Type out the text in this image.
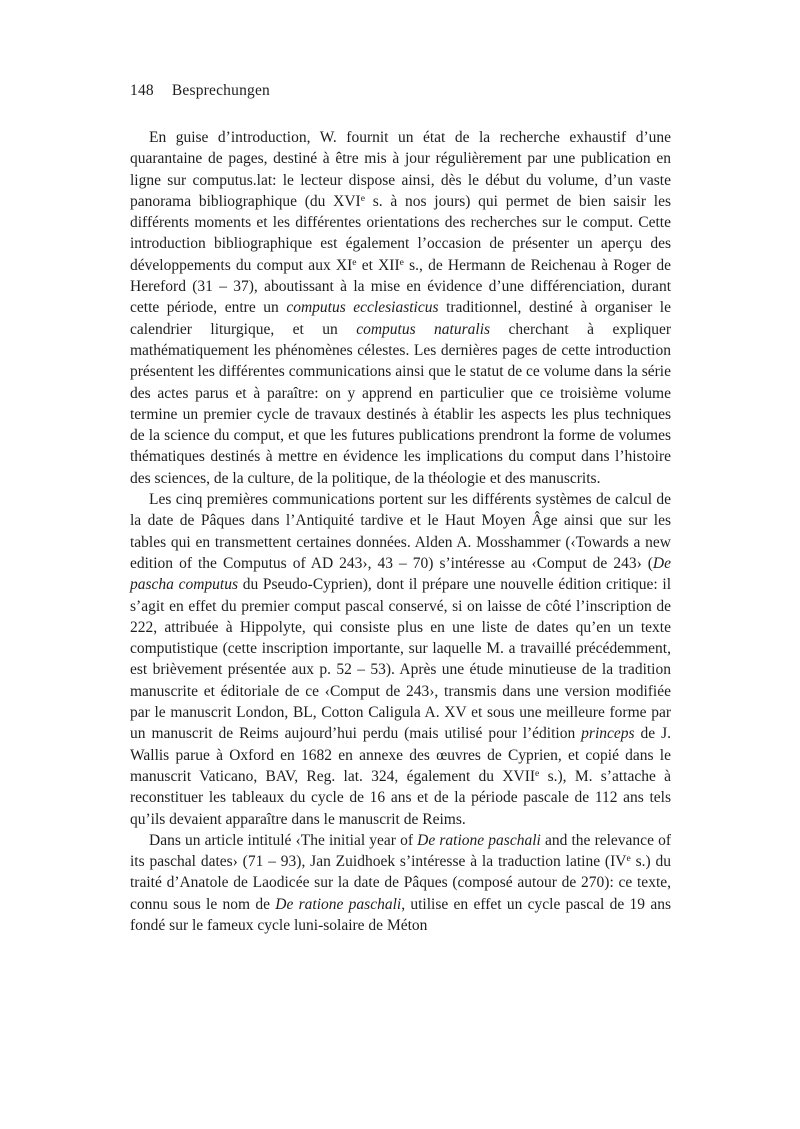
148 Besprechungen

En guise d’introduction, W. fournit un état de la recherche exhaustif d’une quarantaine de pages, destiné à être mis à jour régulièrement par une publication en ligne sur computus.lat: le lecteur dispose ainsi, dès le début du volume, d’un vaste panorama bibliographique (du XVIe s. à nos jours) qui permet de bien saisir les différents moments et les différentes orientations des recherches sur le comput. Cette introduction bibliographique est également l’occasion de présenter un aperçu des développements du comput aux XIe et XIIe s., de Hermann de Reichenau à Roger de Hereford (31 – 37), aboutissant à la mise en évidence d’une différenciation, durant cette période, entre un computus ecclesiasticus traditionnel, destiné à organiser le calendrier liturgique, et un computus naturalis cherchant à expliquer mathématiquement les phénomènes célestes. Les dernières pages de cette introduction présentent les différentes communications ainsi que le statut de ce volume dans la série des actes parus et à paraître: on y apprend en particulier que ce troisième volume termine un premier cycle de travaux destinés à établir les aspects les plus techniques de la science du comput, et que les futures publications prendront la forme de volumes thématiques destinés à mettre en évidence les implications du comput dans l’histoire des sciences, de la culture, de la politique, de la théologie et des manuscrits.

Les cinq premières communications portent sur les différents systèmes de calcul de la date de Pâques dans l’Antiquité tardive et le Haut Moyen Âge ainsi que sur les tables qui en transmettent certaines données. Alden A. Mosshammer (‹Towards a new edition of the Computus of AD 243›, 43 – 70) s’intéresse au ‹Comput de 243› (De pascha computus du Pseudo-Cyprien), dont il prépare une nouvelle édition critique: il s’agit en effet du premier comput pascal conservé, si on laisse de côté l’inscription de 222, attribuée à Hippolyte, qui consiste plus en une liste de dates qu’en un texte computistique (cette inscription importante, sur laquelle M. a travaillé précédemment, est brièvement présentée aux p. 52 – 53). Après une étude minutieuse de la tradition manuscrite et éditoriale de ce ‹Comput de 243›, transmis dans une version modifiée par le manuscrit London, BL, Cotton Caligula A. XV et sous une meilleure forme par un manuscrit de Reims aujourd’hui perdu (mais utilisé pour l’édition princeps de J. Wallis parue à Oxford en 1682 en annexe des œuvres de Cyprien, et copié dans le manuscrit Vaticano, BAV, Reg. lat. 324, également du XVIIe s.), M. s’attache à reconstituer les tableaux du cycle de 16 ans et de la période pascale de 112 ans tels qu’ils devaient apparaître dans le manuscrit de Reims.

Dans un article intitulé ‹The initial year of De ratione paschali and the relevance of its paschal dates› (71 – 93), Jan Zuidhoek s’intéresse à la traduction latine (IVe s.) du traité d’Anatole de Laodicée sur la date de Pâques (composé autour de 270): ce texte, connu sous le nom de De ratione paschali, utilise en effet un cycle pascal de 19 ans fondé sur le fameux cycle luni-solaire de Méton
